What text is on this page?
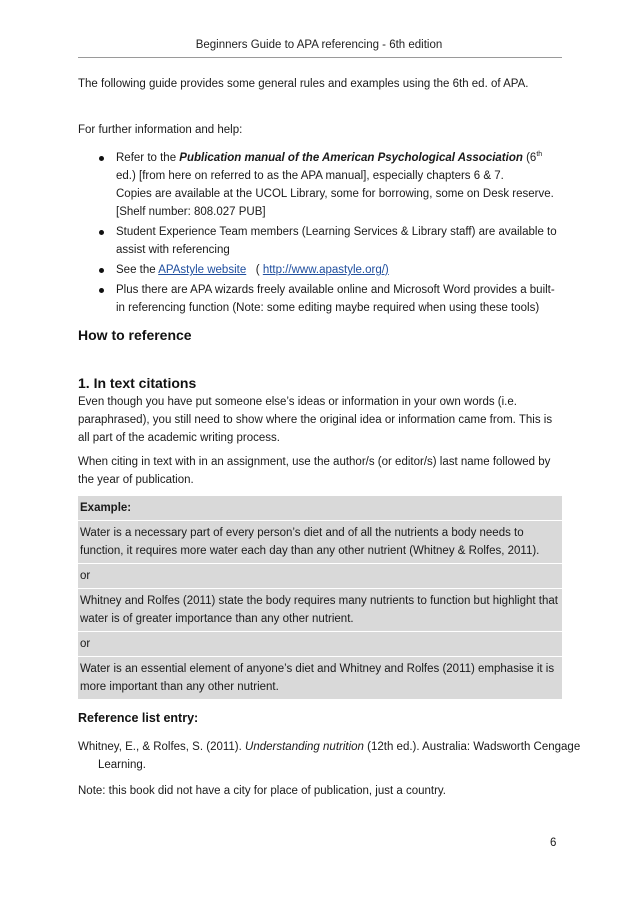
Beginners Guide to APA referencing - 6th edition
The following guide provides some general rules and examples using the 6th ed. of APA.
For further information and help:
Refer to the Publication manual of the American Psychological Association (6th ed.) [from here on referred to as the APA manual], especially chapters 6 & 7.
Copies are available at the UCOL Library, some for borrowing, some on Desk reserve. [Shelf number: 808.027 PUB]
Student Experience Team members (Learning Services & Library staff) are available to assist with referencing
See the APAstyle website   ( http://www.apastyle.org/)
Plus there are APA wizards freely available online and Microsoft Word provides a built-in referencing function (Note: some editing maybe required when using these tools)
How to reference
1. In text citations
Even though you have put someone else’s ideas or information in your own words (i.e. paraphrased), you still need to show where the original idea or information came from. This is all part of the academic writing process.
When citing in text with in an assignment, use the author/s (or editor/s) last name followed by the year of publication.
Example:
Water is a necessary part of every person’s diet and of all the nutrients a body needs to function, it requires more water each day than any other nutrient (Whitney & Rolfes, 2011).
or
Whitney and Rolfes (2011) state the body requires many nutrients to function but highlight that water is of greater importance than any other nutrient.
or
Water is an essential element of anyone’s diet and Whitney and Rolfes (2011) emphasise it is more important than any other nutrient.
Reference list entry:
Whitney, E., & Rolfes, S. (2011). Understanding nutrition (12th ed.). Australia: Wadsworth Cengage Learning.
Note: this book did not have a city for place of publication, just a country.
6
